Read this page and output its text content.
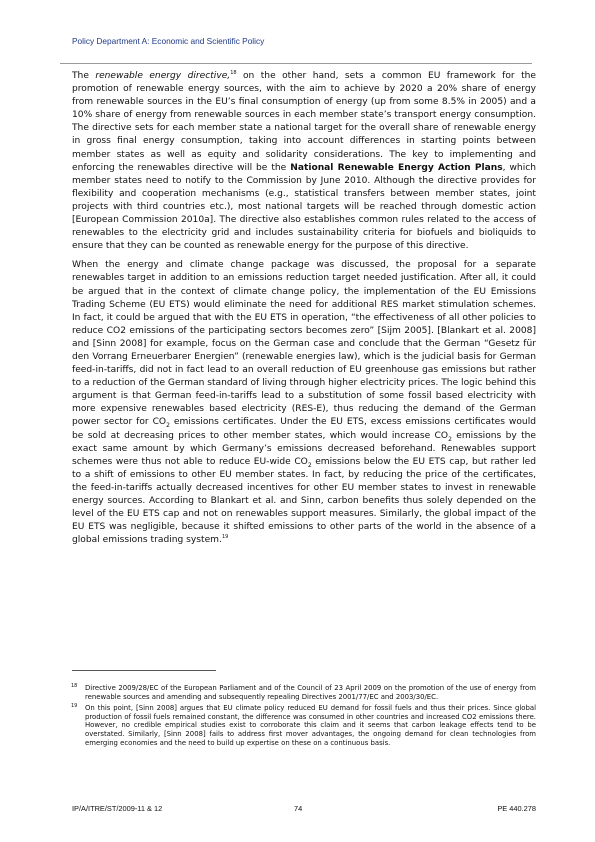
Policy Department A: Economic and Scientific Policy

The renewable energy directive,$^{18}$ on the other hand, sets a common EU framework for the promotion of renewable energy sources, with the aim to achieve by 2020 a 20% share of energy from renewable sources in the EU’s final consumption of energy (up from some 8.5% in 2005) and a 10% share of energy from renewable sources in each member state’s transport energy consumption. The directive sets for each member state a national target for the overall share of renewable energy in gross final energy consumption, taking into account differences in starting points between member states as well as equity and solidarity considerations. The key to implementing and enforcing the renewables directive will be the National Renewable Energy Action Plans, which member states need to notify to the Commission by June 2010. Although the directive provides for flexibility and cooperation mechanisms (e.g., statistical transfers between member states, joint projects with third countries etc.), most national targets will be reached through domestic action [European Commission 2010a]. The directive also establishes common rules related to the access of renewables to the electricity grid and includes sustainability criteria for biofuels and bioliquids to ensure that they can be counted as renewable energy for the purpose of this directive.

When the energy and climate change package was discussed, the proposal for a separate renewables target in addition to an emissions reduction target needed justification. After all, it could be argued that in the context of climate change policy, the implementation of the EU Emissions Trading Scheme (EU ETS) would eliminate the need for additional RES market stimulation schemes. In fact, it could be argued that with the EU ETS in operation, “the effectiveness of all other policies to reduce CO2 emissions of the participating sectors becomes zero” [Sijm 2005]. [Blankart et al. 2008] and [Sinn 2008] for example, focus on the German case and conclude that the German “Gesetz für den Vorrang Erneuerbarer Energien” (renewable energies law), which is the judicial basis for German feed-in-tariffs, did not in fact lead to an overall reduction of EU greenhouse gas emissions but rather to a reduction of the German standard of living through higher electricity prices. The logic behind this argument is that German feed-in-tariffs lead to a substitution of some fossil based electricity with more expensive renewables based electricity (RES-E), thus reducing the demand of the German power sector for $CO_2$ emissions certificates. Under the EU ETS, excess emissions certificates would be sold at decreasing prices to other member states, which would increase $CO_2$ emissions by the exact same amount by which Germany’s emissions decreased beforehand. Renewables support schemes were thus not able to reduce EU-wide $CO_2$ emissions below the EU ETS cap, but rather led to a shift of emissions to other EU member states. In fact, by reducing the price of the certificates, the feed-in-tariffs actually decreased incentives for other EU member states to invest in renewable energy sources. According to Blankart et al. and Sinn, carbon benefits thus solely depended on the level of the EU ETS cap and not on renewables support measures. Similarly, the global impact of the EU ETS was negligible, because it shifted emissions to other parts of the world in the absence of a global emissions trading system.$^{19}$

18 Directive 2009/28/EC of the European Parliament and of the Council of 23 April 2009 on the promotion of the use of energy from renewable sources and amending and subsequently repealing Directives 2001/77/EC and 2003/30/EC.
19 On this point, [Sinn 2008] argues that EU climate policy reduced EU demand for fossil fuels and thus their prices. Since global production of fossil fuels remained constant, the difference was consumed in other countries and increased CO2 emissions there. However, no credible empirical studies exist to corroborate this claim and it seems that carbon leakage effects tend to be overstated. Similarly, [Sinn 2008] fails to address first mover advantages, the ongoing demand for clean technologies from emerging economies and the need to build up expertise on these on a continuous basis.
IP/A/ITRE/ST/2009-11 & 12	74	PE 440.278
